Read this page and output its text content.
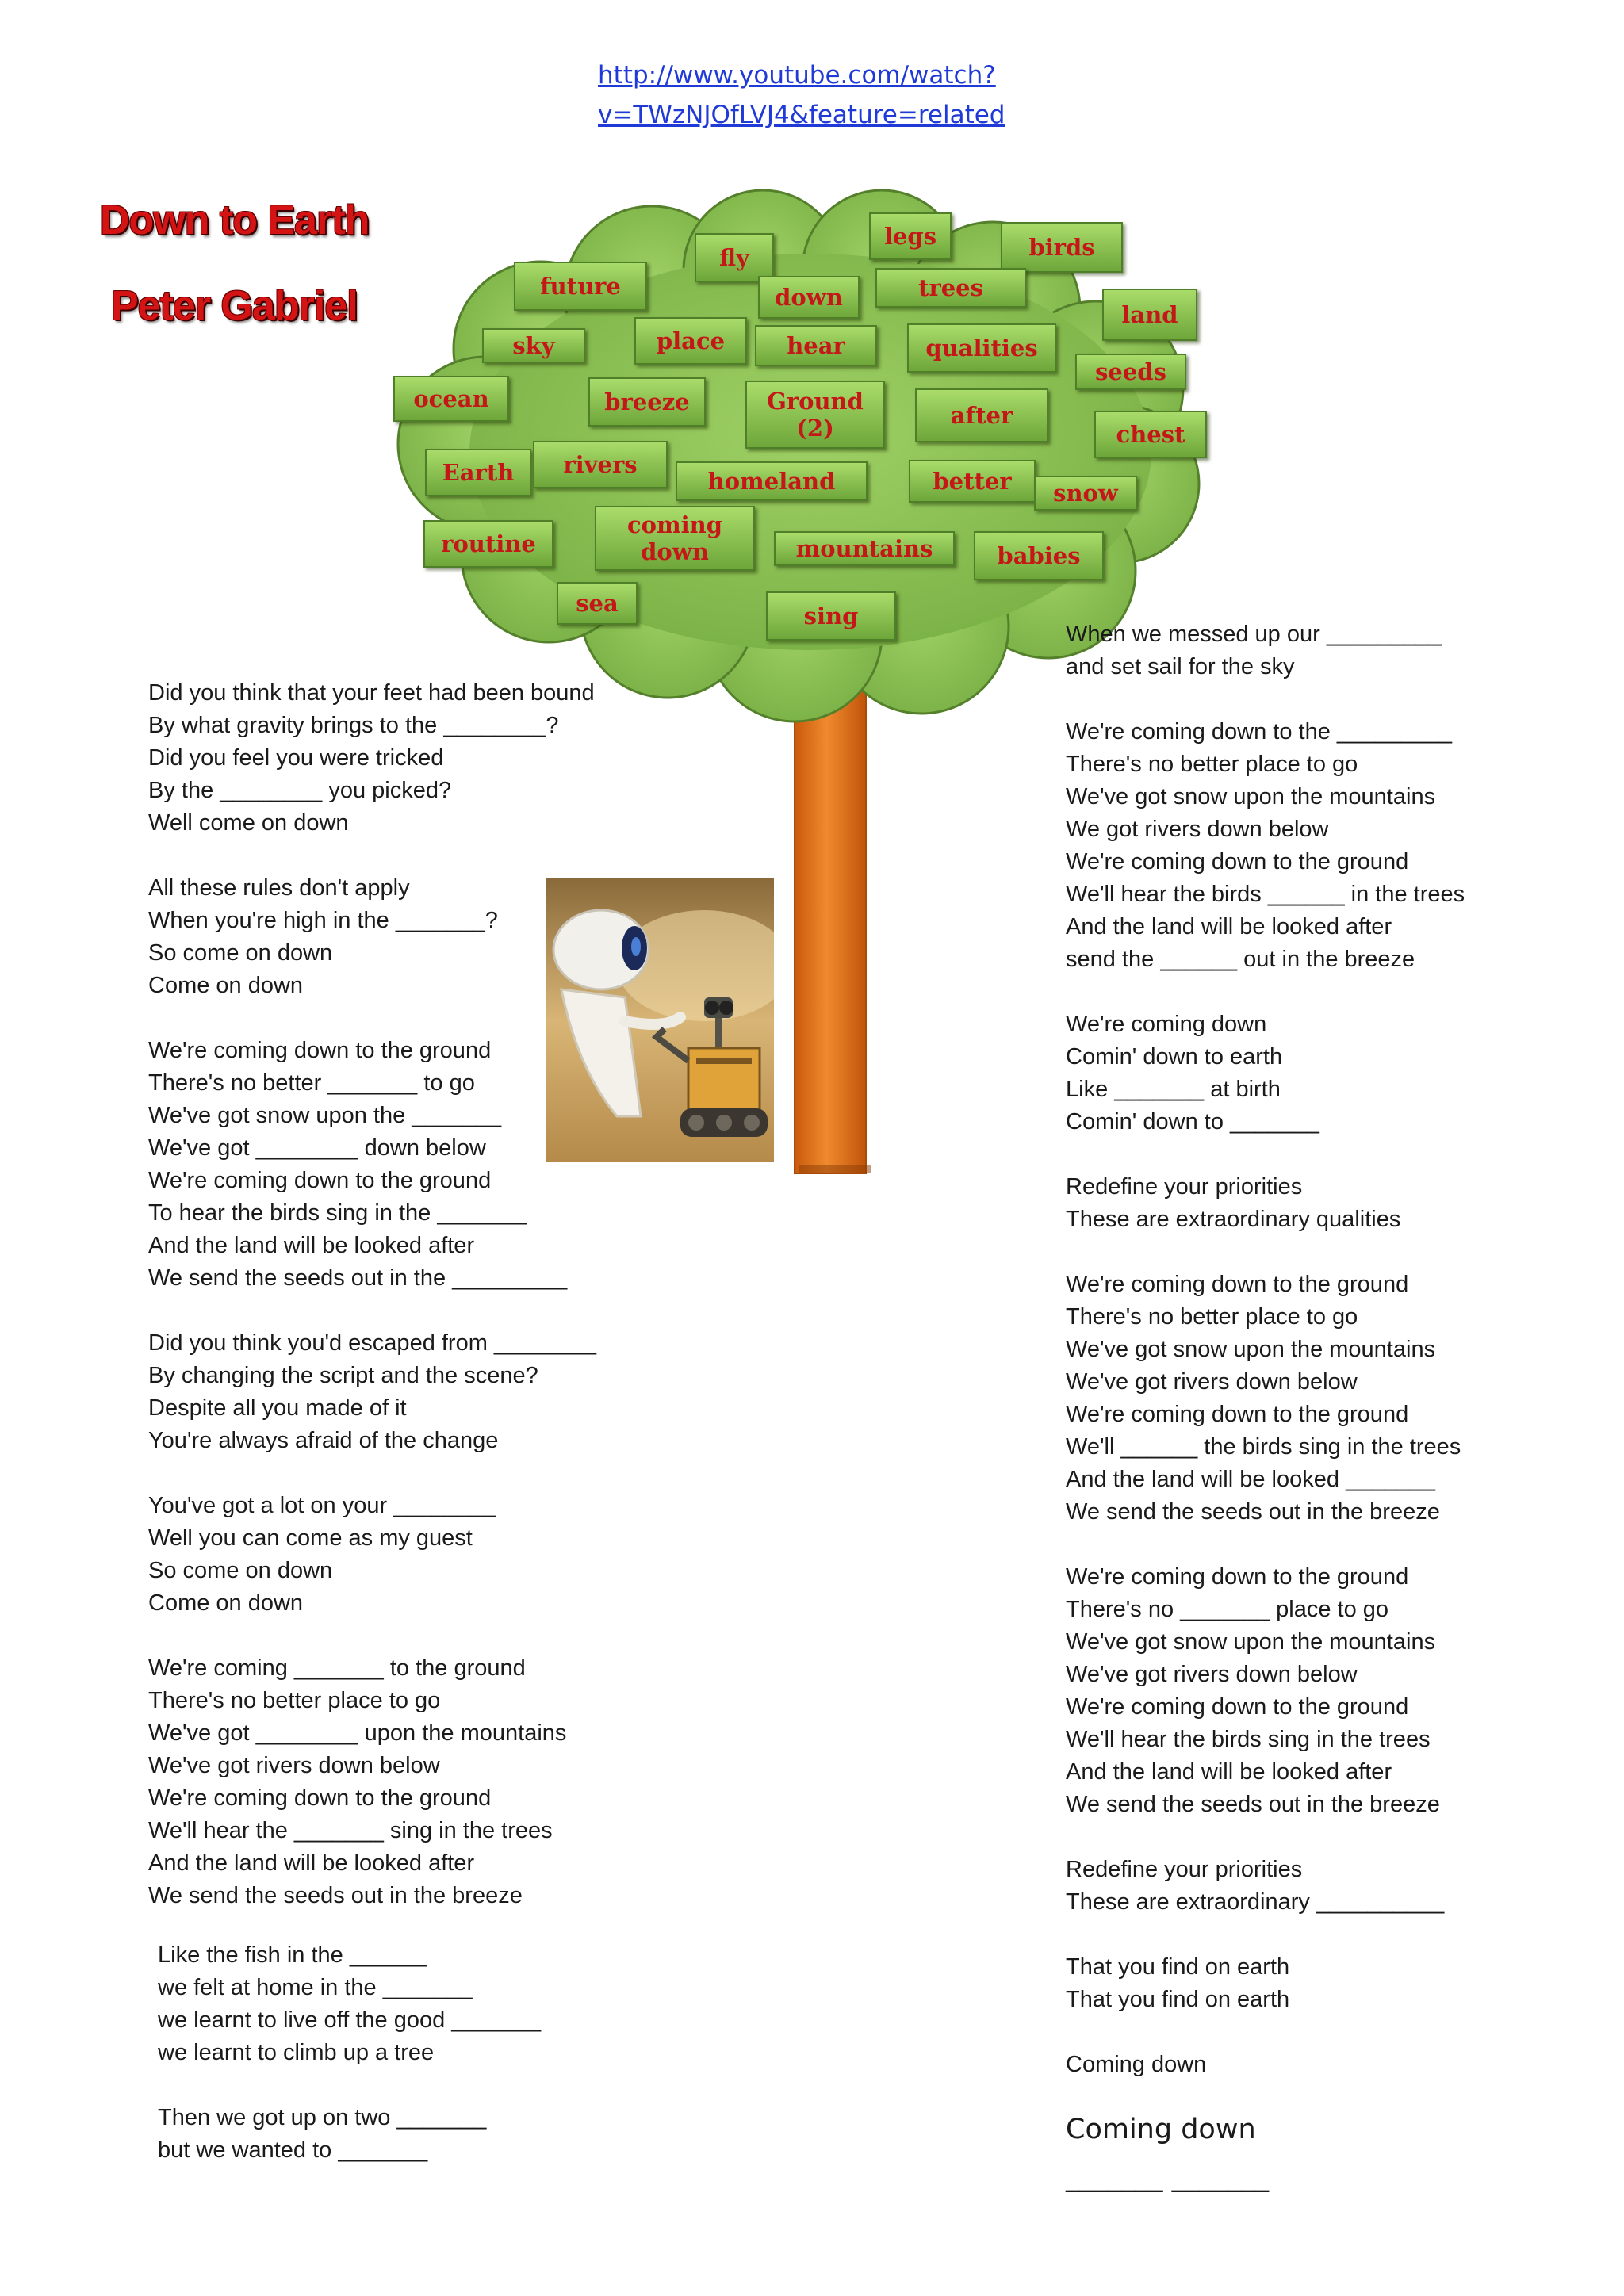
http://www.youtube.com/watch?
v=TWzNJOfLVJ4&feature=related
Down to Earth
Peter Gabriel
fly
legs	birds
future	down	trees
land
sky	place	hear	qualities
seeds
ocean	breeze	Ground (2)	after
chest
Earth	rivers
homeland	better	snow
routine
coming down	mountains	babies
sea	sing
Did you think that your feet had been bound
By what gravity brings to the ________?
Did you feel you were tricked
By the ________ you picked?
Well come on down
All these rules don't apply
When you're high in the _______?
So come on down
Come on down
We're coming down to the ground
There's no better _______ to go
We've got snow upon the _______
We've got ________ down below
We're coming down to the ground
To hear the birds sing in the _______
And the land will be looked after
We send the seeds out in the _________
Did you think you'd escaped from ________
By changing the script and the scene?
Despite all you made of it
You're always afraid of the change
You've got a lot on your ________
Well you can come as my guest
So come on down
Come on down
We're coming _______ to the ground
There's no better place to go
We've got ________ upon the mountains
We've got rivers down below
We're coming down to the ground
We'll hear the _______ sing in the trees
And the land will be looked after
We send the seeds out in the breeze
Like the fish in the ______
we felt at home in the _______
we learnt to live off the good _______
we learnt to climb up a tree
Then we got up on two _______
but we wanted to _______
When we messed up our _________
and set sail for the sky
We're coming down to the _________
There's no better place to go
We've got snow upon the mountains
We got rivers down below
We're coming down to the ground
We'll hear the birds ______ in the trees
And the land will be looked after
send the ______ out in the breeze
We're coming down
Comin' down to earth
Like _______ at birth
Comin' down to _______
Redefine your priorities
These are extraordinary qualities
We're coming down to the ground
There's no better place to go
We've got snow upon the mountains
We've got rivers down below
We're coming down to the ground
We'll ______ the birds sing in the trees
And the land will be looked _______
We send the seeds out in the breeze
We're coming down to the ground
There's no _______ place to go
We've got snow upon the mountains
We've got rivers down below
We're coming down to the ground
We'll hear the birds sing in the trees
And the land will be looked after
We send the seeds out in the breeze
Redefine your priorities
These are extraordinary __________
That you find on earth
That you find on earth
Coming down
Coming down
_______ _______
